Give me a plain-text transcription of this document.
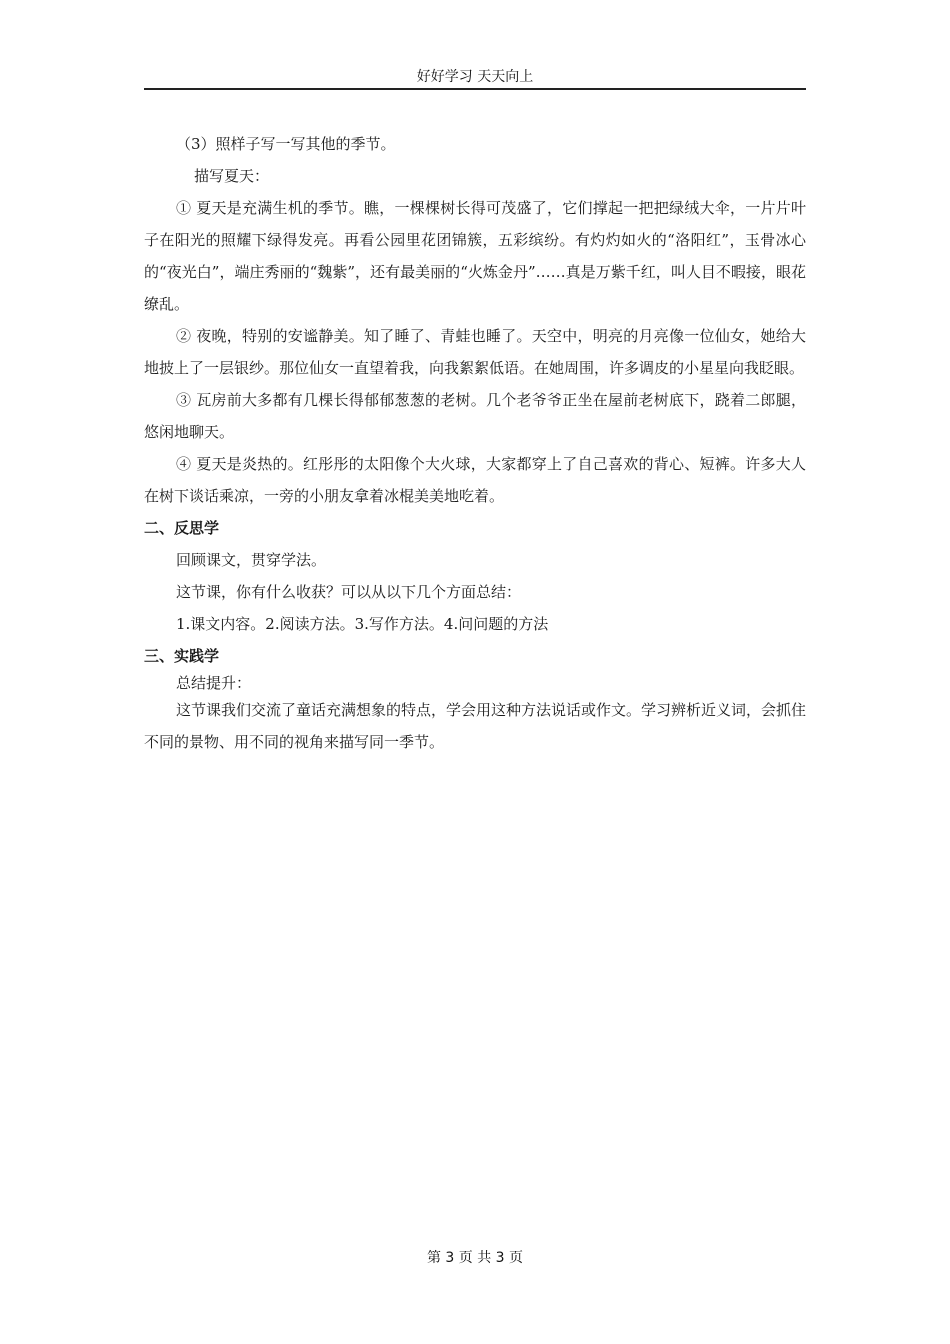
好好学习 天天向上

（3）照样子写一写其他的季节。

描写夏天：

① 夏天是充满生机的季节。瞧，一棵棵树长得可茂盛了，它们撑起一把把绿绒大伞，一片片叶子在阳光的照耀下绿得发亮。再看公园里花团锦簇，五彩缤纷。有灼灼如火的“洛阳红”，玉骨冰心的“夜光白”，端庄秀丽的“魏紫”，还有最美丽的“火炼金丹”……真是万紫千红，叫人目不暇接，眼花缭乱。

② 夜晚，特别的安谧静美。知了睡了、青蛙也睡了。天空中，明亮的月亮像一位仙女，她给大地披上了一层银纱。那位仙女一直望着我，向我絮絮低语。在她周围，许多调皮的小星星向我眨眼。

③ 瓦房前大多都有几棵长得郁郁葱葱的老树。几个老爷爷正坐在屋前老树底下，跷着二郎腿，悠闲地聊天。

④ 夏天是炎热的。红彤彤的太阳像个大火球，大家都穿上了自己喜欢的背心、短裤。许多大人在树下谈话乘凉，一旁的小朋友拿着冰棍美美地吃着。

二、反思学

回顾课文，贯穿学法。

这节课，你有什么收获？可以从以下几个方面总结：

1.课文内容。2.阅读方法。3.写作方法。4.问问题的方法

三、实践学

总结提升：

这节课我们交流了童话充满想象的特点，学会用这种方法说话或作文。学习辨析近义词，会抓住不同的景物、用不同的视角来描写同一季节。

第 3 页 共 3 页
